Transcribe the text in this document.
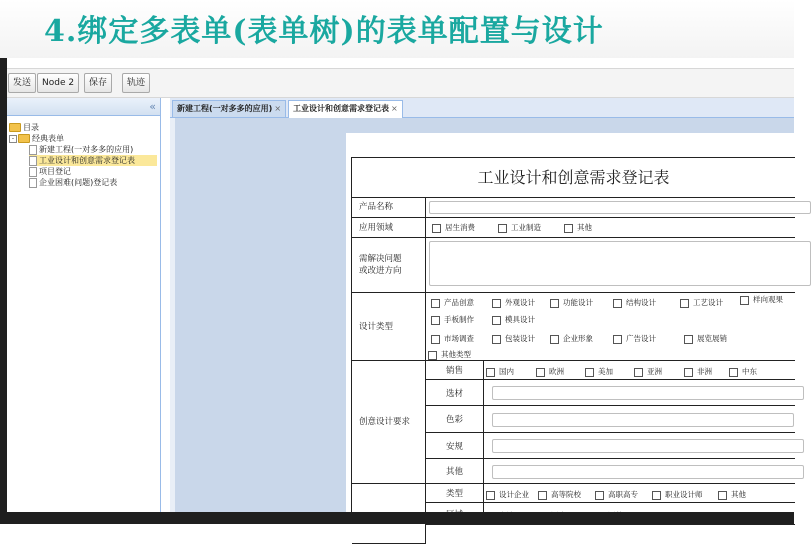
4.绑定多表单(表单树)的表单配置与设计
发送	Node 2	保存	轨迹
«
目录
- 经典表单
新建工程(一对多多的应用)
工业设计和创意需求登记表
项目登记
企业困难(问题)登记表
新建工程(一对多多的应用) ×	工业设计和创意需求登记表 ×
工业设计和创意需求登记表
产品名称
应用领域	居生消费	工业制造	其他
需解决问题或改进方向
设计类型
产品创意	外观设计	功能设计	结构设计	工艺设计	样向观果
手板制作	模具设计
市场调查	包装设计	企业形象	广告设计	展览展销
其他类型
创意设计要求
销售	国内	欧洲	美加	亚洲	非洲	中东
选材
色彩
安规
其他
类型	设计企业	高等院校	高职高专	职业设计师	其他
